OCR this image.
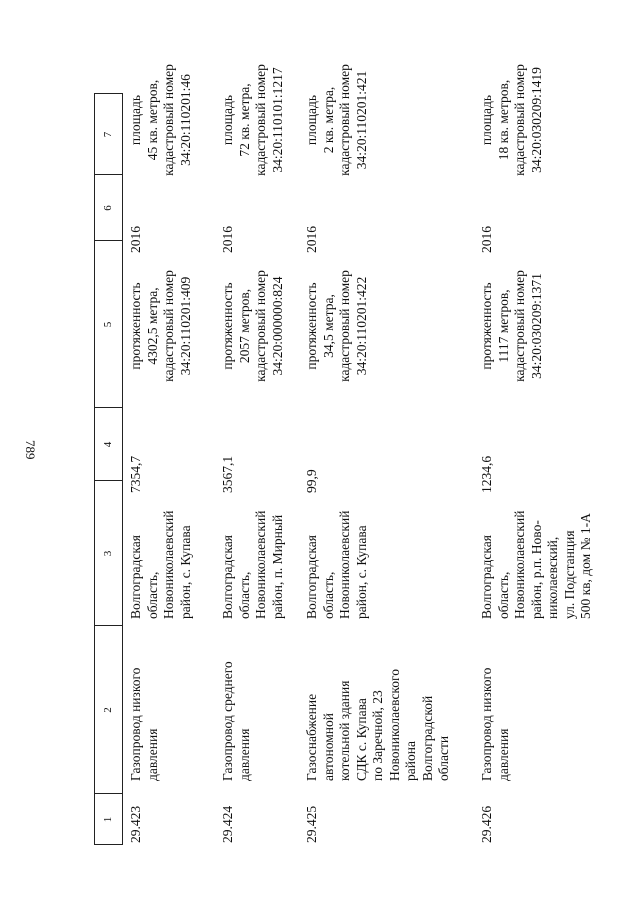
789
1
2
3
4
5
6
7
29.423
Газопровод низкого давления
Волгоградская область, Новониколаевский район, с. Купава
7354,7
протяженность 4302,5 метра, кадастровый номер 34:20:110201:409
2016
площадь 45 кв. метров, кадастровый номер 34:20:110201:46
29.424
Газопровод среднего давления
Волгоградская область, Новониколаевский район, п. Мирный
3567,1
протяженность 2057 метров, кадастровый номер 34:20:000000:824
2016
площадь 72 кв. метра, кадастровый номер 34:20:110101:1217
29.425
Газоснабжение автономной котельной здания СДК с. Купава по Заречной, 23 Новониколаевского района Волгоградской области
Волгоградская область, Новониколаевский район, с. Купава
99,9
протяженность 34,5 метра, кадастровый номер 34:20:110201:422
2016
площадь 2 кв. метра, кадастровый номер 34:20:110201:421
29.426
Газопровод низкого давления
Волгоградская область, Новониколаевский район, р.п. Ново- николаевский, ул. Подстанция 500 кв, дом № 1-А
1234,6
протяженность 1117 метров, кадастровый номер 34:20:030209:1371
2016
площадь 18 кв. метров, кадастровый номер 34:20:030209:1419
